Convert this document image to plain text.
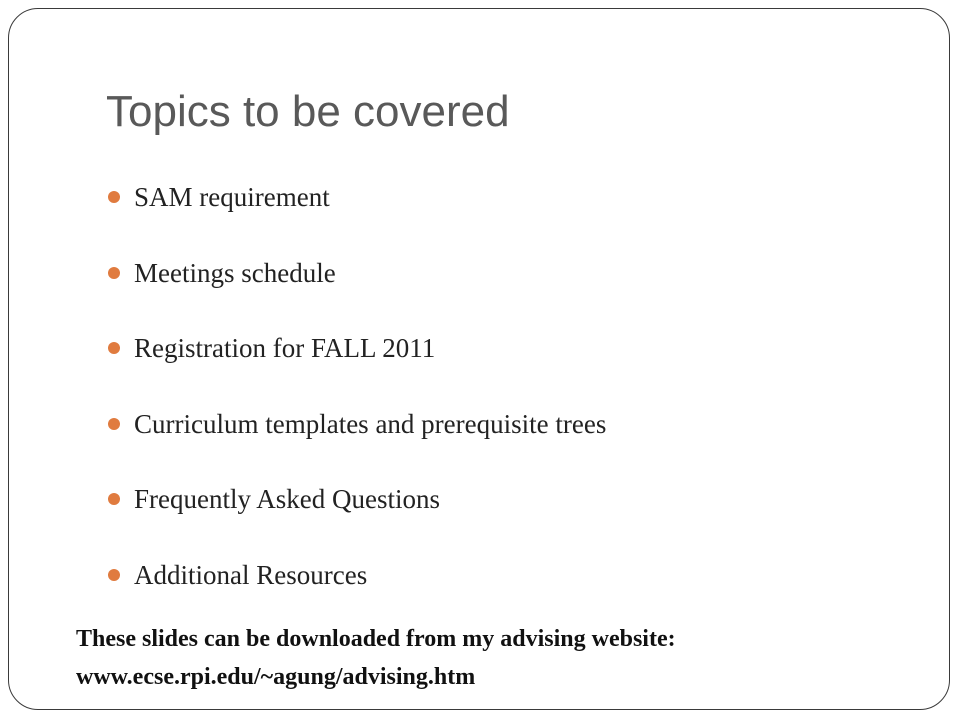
Topics to be covered
SAM requirement
Meetings schedule
Registration for FALL 2011
Curriculum templates and prerequisite trees
Frequently Asked Questions
Additional Resources

These slides can be downloaded from my advising website:
www.ecse.rpi.edu/~agung/advising.htm
